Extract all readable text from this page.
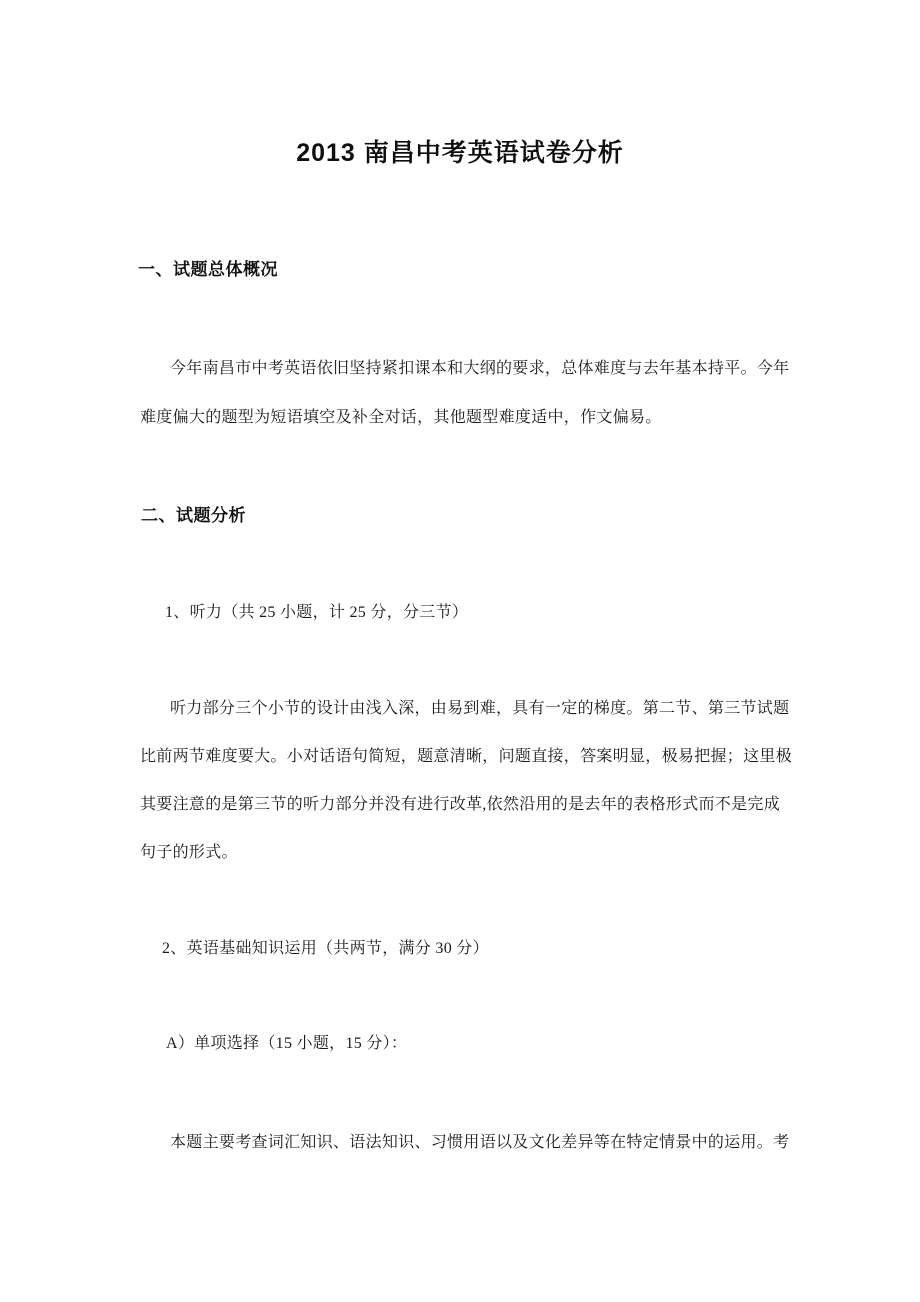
2013 南昌中考英语试卷分析
一、试题总体概况
今年南昌市中考英语依旧坚持紧扣课本和大纲的要求，总体难度与去年基本持平。今年
难度偏大的题型为短语填空及补全对话，其他题型难度适中，作文偏易。
二、试题分析
1、听力（共 25 小题，计 25 分，分三节）
听力部分三个小节的设计由浅入深，由易到难，具有一定的梯度。第二节、第三节试题
比前两节难度要大。小对话语句简短，题意清晰，问题直接，答案明显，极易把握；这里极
其要注意的是第三节的听力部分并没有进行改革,依然沿用的是去年的表格形式而不是完成
句子的形式。
2、英语基础知识运用（共两节，满分 30 分）
A）单项选择（15 小题，15 分）：
本题主要考查词汇知识、语法知识、习惯用语以及文化差异等在特定情景中的运用。考
